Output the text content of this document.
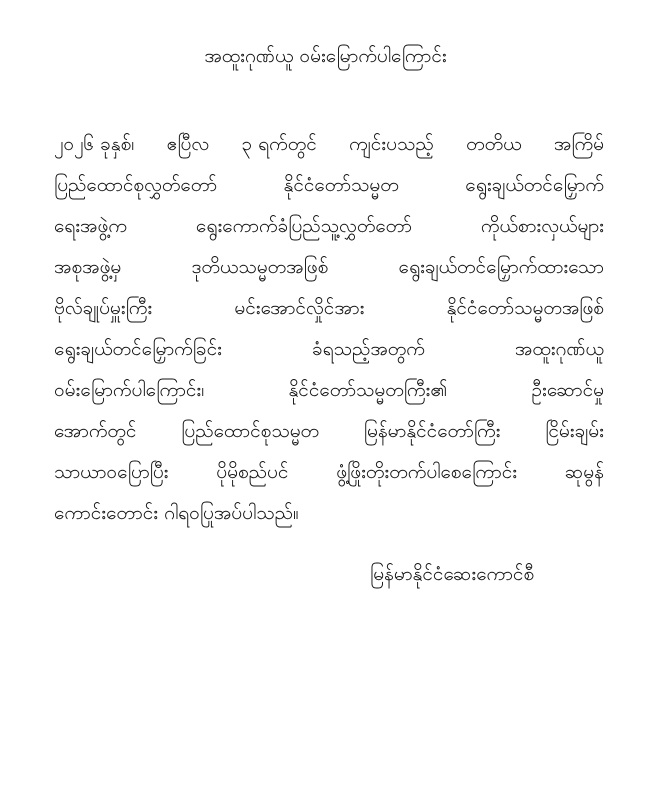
အထူးဂုဏ်ယူ ဝမ်းမြောက်ပါကြောင်း
၂၀၂၆ ခုနှစ်၊ ဧပြီလ ၃ ရက်တွင် ကျင်းပသည့် တတိယ အကြိမ်
ပြည်ထောင်စုလွှတ်တော်	နိုင်ငံတော်သမ္မတ	ရွေးချယ်တင်မြှောက်
ရေးအဖွဲ့က	ရွေးကောက်ခံပြည်သူ့လွှတ်တော်	ကိုယ်စားလှယ်များ
အစုအဖွဲ့မှ	ဒုတိယသမ္မတအဖြစ်	ရွေးချယ်တင်မြှောက်ထားသော
ဗိုလ်ချုပ်မှူးကြီး	မင်းအောင်လှိုင်အား	နိုင်ငံတော်သမ္မတအဖြစ်
ရွေးချယ်တင်မြှောက်ခြင်း	ခံရသည့်အတွက်	အထူးဂုဏ်ယူ
ဝမ်းမြောက်ပါကြောင်း၊	နိုင်ငံတော်သမ္မတကြီး၏	ဦးဆောင်မှု
အောက်တွင် ပြည်ထောင်စုသမ္မတ မြန်မာနိုင်ငံတော်ကြီး ငြိမ်းချမ်း
သာယာဝပြောပြီး	ပိုမိုစည်ပင်	ဖွံ့ဖြိုးတိုးတက်ပါစေကြောင်း	ဆုမွန်
ကောင်းတောင်း ဂါရဝပြုအပ်ပါသည်။
မြန်မာနိုင်ငံဆေးကောင်စီ
